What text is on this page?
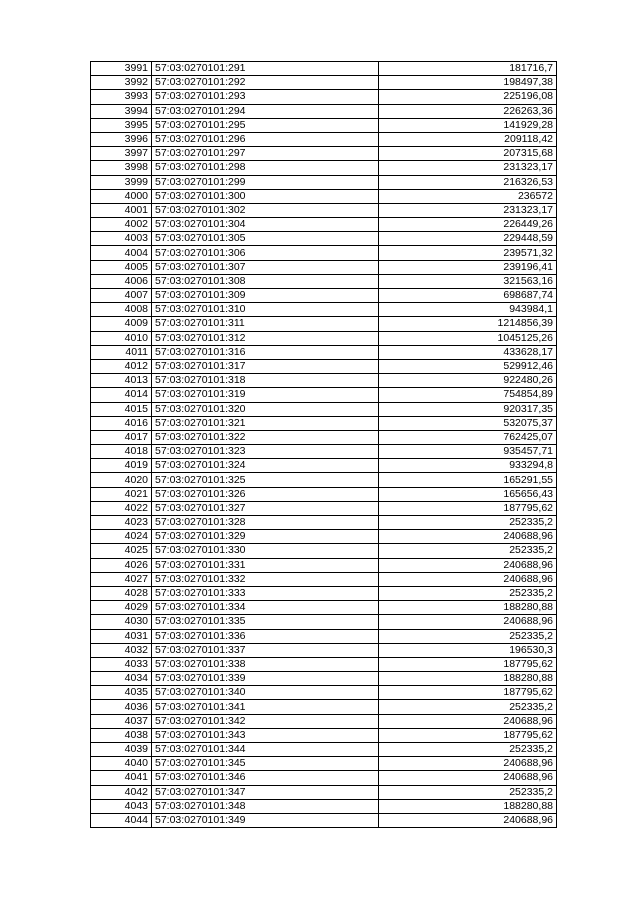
3991	57:03:0270101:291	181716,7
3992	57:03:0270101:292	198497,38
3993	57:03:0270101:293	225196,08
3994	57:03:0270101:294	226263,36
3995	57:03:0270101:295	141929,28
3996	57:03:0270101:296	209118,42
3997	57:03:0270101:297	207315,68
3998	57:03:0270101:298	231323,17
3999	57:03:0270101:299	216326,53
4000	57:03:0270101:300	236572
4001	57:03:0270101:302	231323,17
4002	57:03:0270101:304	226449,26
4003	57:03:0270101:305	229448,59
4004	57:03:0270101:306	239571,32
4005	57:03:0270101:307	239196,41
4006	57:03:0270101:308	321563,16
4007	57:03:0270101:309	698687,74
4008	57:03:0270101:310	943984,1
4009	57:03:0270101:311	1214856,39
4010	57:03:0270101:312	1045125,26
4011	57:03:0270101:316	433628,17
4012	57:03:0270101:317	529912,46
4013	57:03:0270101:318	922480,26
4014	57:03:0270101:319	754854,89
4015	57:03:0270101:320	920317,35
4016	57:03:0270101:321	532075,37
4017	57:03:0270101:322	762425,07
4018	57:03:0270101:323	935457,71
4019	57:03:0270101:324	933294,8
4020	57:03:0270101:325	165291,55
4021	57:03:0270101:326	165656,43
4022	57:03:0270101:327	187795,62
4023	57:03:0270101:328	252335,2
4024	57:03:0270101:329	240688,96
4025	57:03:0270101:330	252335,2
4026	57:03:0270101:331	240688,96
4027	57:03:0270101:332	240688,96
4028	57:03:0270101:333	252335,2
4029	57:03:0270101:334	188280,88
4030	57:03:0270101:335	240688,96
4031	57:03:0270101:336	252335,2
4032	57:03:0270101:337	196530,3
4033	57:03:0270101:338	187795,62
4034	57:03:0270101:339	188280,88
4035	57:03:0270101:340	187795,62
4036	57:03:0270101:341	252335,2
4037	57:03:0270101:342	240688,96
4038	57:03:0270101:343	187795,62
4039	57:03:0270101:344	252335,2
4040	57:03:0270101:345	240688,96
4041	57:03:0270101:346	240688,96
4042	57:03:0270101:347	252335,2
4043	57:03:0270101:348	188280,88
4044	57:03:0270101:349	240688,96
